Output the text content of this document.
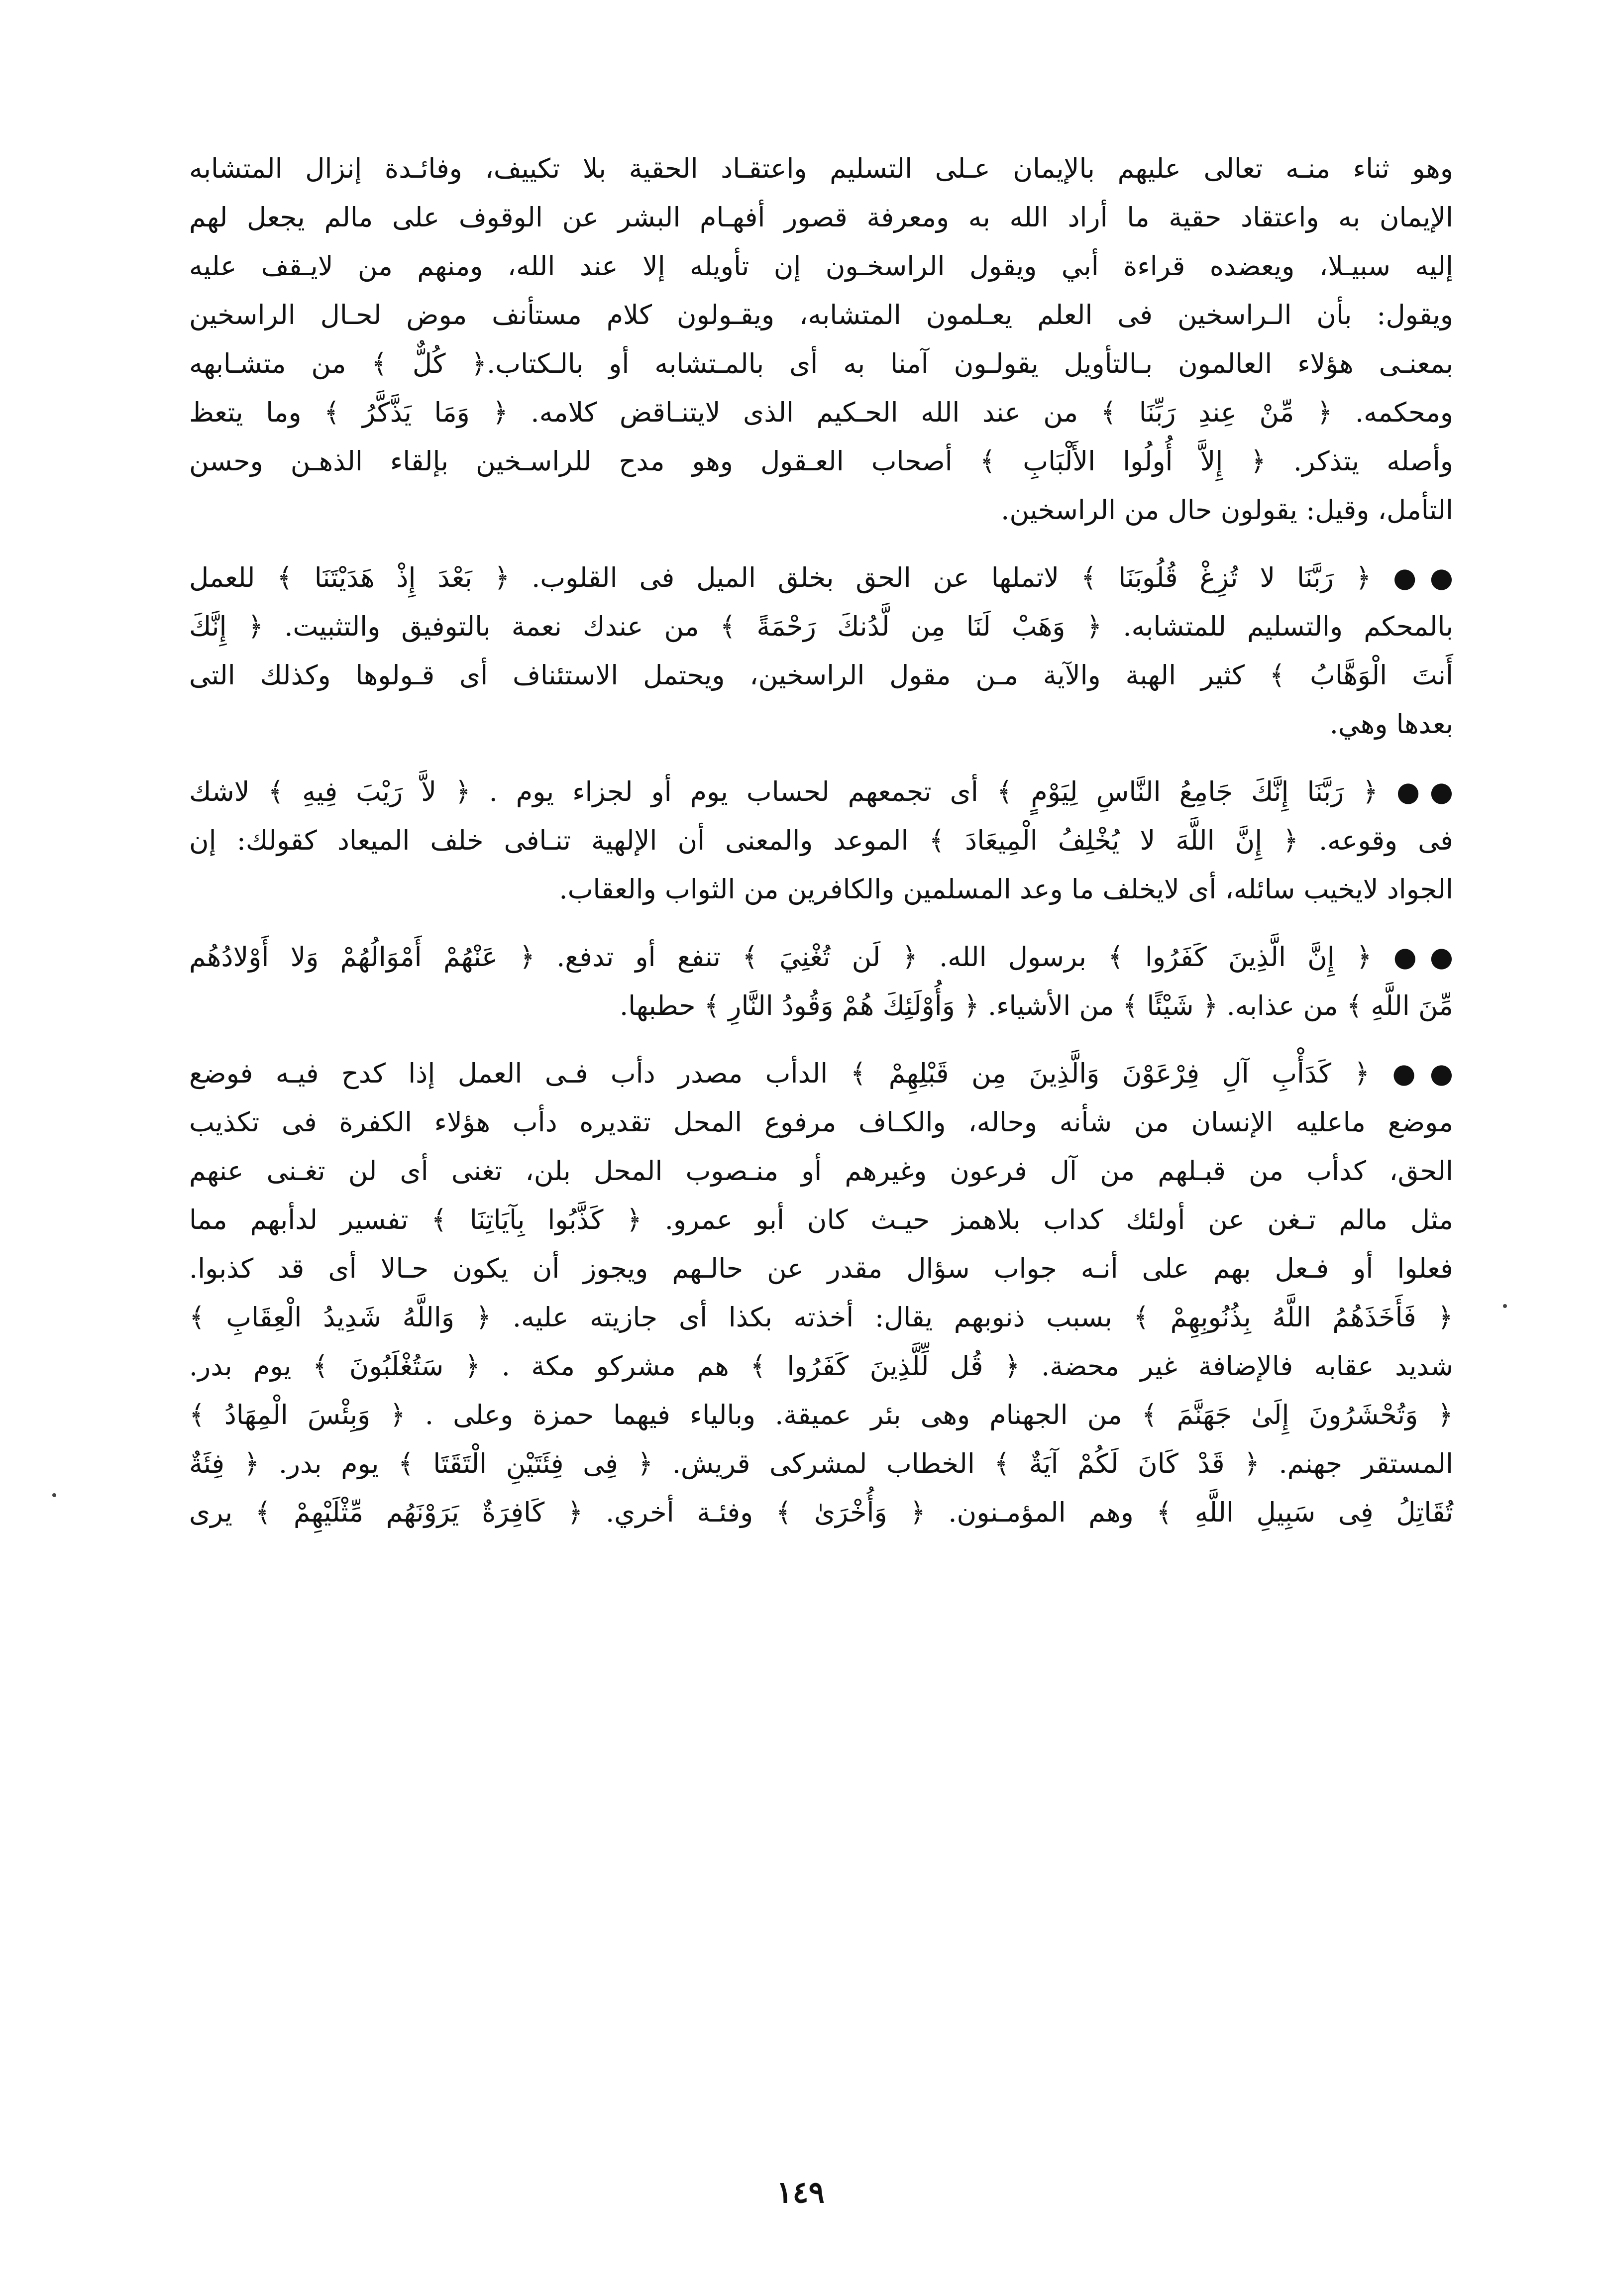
وهو ثناء منـه تعالى عليهم بالإيمان عـلى التسليم واعتقـاد الحقية بلا تكييف، وفائـدة إنزال المتشابه
الإيمان به واعتقاد حقية ما أراد الله به ومعرفة قصور أفهـام البشر عن الوقوف على مالم يجعل لهم
إليه سبيـلا، ويعضده قراءة أبي ويقول الراسخـون إن تأويله إلا عند الله، ومنهم من لايـقف عليه
ويقول: بأن الـراسخين فى العلم يعـلمون المتشابه، ويقـولون كلام مستأنف موض لحـال الراسخين
بمعنـى هؤلاء العالمون بـالتأويل يقولـون آمنا به أى بالمـتشابه أو بالـكتاب.﴿ كُلٌّ ﴾ من متشـابهه
ومحكمه. ﴿ مِّنْ عِندِ رَبِّنَا ﴾ من عند الله الحـكيم الذى لايتنـاقض كلامه. ﴿ وَمَا يَذَّكَّرُ ﴾ وما يتعظ
وأصله يتذكر. ﴿ إِلاَّ أُولُوا الأَلْبَابِ ﴾ أصحاب العـقول وهو مدح للراسـخين بإلقاء الذهـن وحسن
التأمل، وقيل: يقولون حال من الراسخين.
●● ﴿ رَبَّنَا لا تُزِغْ قُلُوبَنَا ﴾ لاتملها عن الحق بخلق الميل فى القلوب. ﴿ بَعْدَ إِذْ هَدَيْتَنَا ﴾ للعمل
بالمحكم والتسليم للمتشابه. ﴿ وَهَبْ لَنَا مِن لَّدُنكَ رَحْمَةً ﴾ من عندك نعمة بالتوفيق والتثبيت. ﴿ إِنَّكَ
أَنتَ الْوَهَّابُ ﴾ كثير الهبة والآية مـن مقول الراسخين، ويحتمل الاستئناف أى قـولوها وكذلك التى
بعدها وهي.
●● ﴿ رَبَّنَا إِنَّكَ جَامِعُ النَّاسِ لِيَوْمٍ ﴾ أى تجمعهم لحساب يوم أو لجزاء يوم . ﴿ لاَّ رَيْبَ فِيهِ ﴾ لاشك
فى وقوعه. ﴿ إِنَّ اللَّهَ لا يُخْلِفُ الْمِيعَادَ ﴾ الموعد والمعنى أن الإلهية تنـافى خلف الميعاد كقولك: إن
الجواد لايخيب سائله، أى لايخلف ما وعد المسلمين والكافرين من الثواب والعقاب.
●● ﴿ إِنَّ الَّذِينَ كَفَرُوا ﴾ برسول الله. ﴿ لَن تُغْنِيَ ﴾ تنفع أو تدفع. ﴿ عَنْهُمْ أَمْوَالُهُمْ وَلا أَوْلادُهُم
مِّنَ اللَّهِ ﴾ من عذابه. ﴿ شَيْئًا ﴾ من الأشياء. ﴿ وَأُوْلَئِكَ هُمْ وَقُودُ النَّارِ ﴾ حطبها.
●● ﴿ كَدَأْبِ آلِ فِرْعَوْنَ وَالَّذِينَ مِن قَبْلِهِمْ ﴾ الدأب مصدر دأب فـى العمل إذا كدح فيـه فوضع
موضع ماعليه الإنسان من شأنه وحاله، والكـاف مرفوع المحل تقديره دأب هؤلاء الكفرة فى تكذيب
الحق، كدأب من قبـلهم من آل فرعون وغيرهم أو منـصوب المحل بلن، تغنى أى لن تغـنى عنهم
مثل مالم تـغن عن أولئك كداب بلاهمز حيـث كان أبو عمرو. ﴿ كَذَّبُوا بِآيَاتِنَا ﴾ تفسير لدأبهم مما
فعلوا أو فـعل بهم على أنـه جواب سؤال مقدر عن حالـهم ويجوز أن يكون حـالا أى قد كذبوا.
﴿ فَأَخَذَهُمُ اللَّهُ بِذُنُوبِهِمْ ﴾ بسبب ذنوبهم يقال: أخذته بكذا أى جازيته عليه. ﴿ وَاللَّهُ شَدِيدُ الْعِقَابِ ﴾
شديد عقابه فالإضافة غير محضة. ﴿ قُل لِّلَّذِينَ كَفَرُوا ﴾ هم مشركو مكة . ﴿ سَتُغْلَبُونَ ﴾ يوم بدر.
﴿ وَتُحْشَرُونَ إِلَىٰ جَهَنَّمَ ﴾ من الجهنام وهى بئر عميقة. وبالياء فيهما حمزة وعلى . ﴿ وَبِئْسَ الْمِهَادُ ﴾
المستقر جهنم. ﴿ قَدْ كَانَ لَكُمْ آيَةٌ ﴾ الخطاب لمشركى قريش. ﴿ فِى فِئَتَيْنِ الْتَقَتَا ﴾ يوم بدر. ﴿ فِئَةٌ
تُقَاتِلُ فِى سَبِيلِ اللَّهِ ﴾ وهم المؤمـنون. ﴿ وَأُخْرَىٰ ﴾ وفئـة أخري. ﴿ كَافِرَةٌ يَرَوْنَهُم مِّثْلَيْهِمْ ﴾ يرى
١٤٩
